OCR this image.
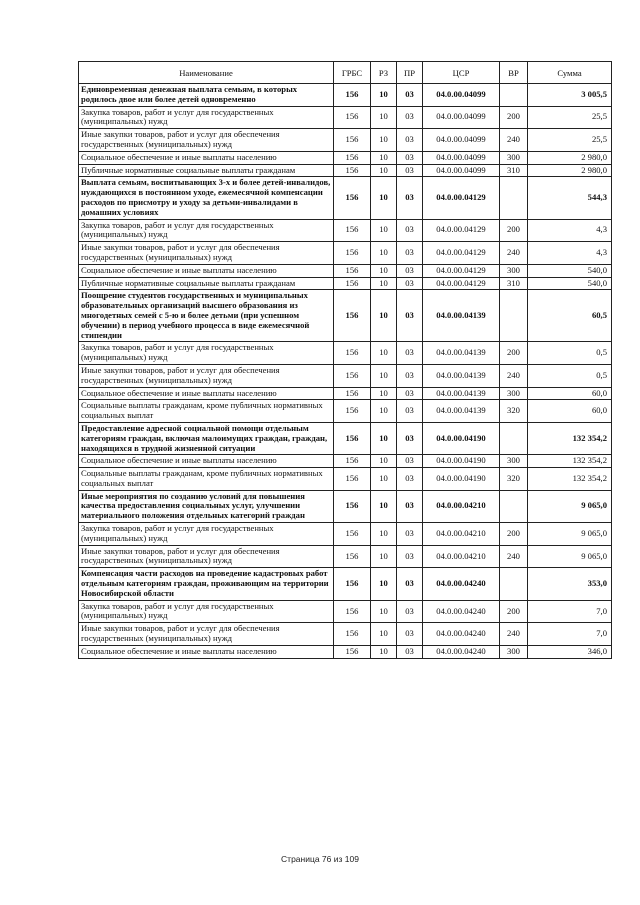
Наименование	ГРБС	РЗ	ПР	ЦСР	ВР	Сумма
Единовременная денежная выплата семьям, в которых родилось двое или более детей одновременно	156	10	03	04.0.00.04099		3 005,5
Закупка товаров, работ и услуг для государственных (муниципальных) нужд	156	10	03	04.0.00.04099	200	25,5
Иные закупки товаров, работ и услуг для обеспечения государственных (муниципальных) нужд	156	10	03	04.0.00.04099	240	25,5
Социальное обеспечение и иные выплаты населению	156	10	03	04.0.00.04099	300	2 980,0
Публичные нормативные социальные выплаты гражданам	156	10	03	04.0.00.04099	310	2 980,0
Выплата семьям, воспитывающих 3-х и более детей-инвалидов, нуждающихся в постоянном уходе, ежемесячной компенсации расходов по присмотру и уходу за детьми-инвалидами в домашних условиях	156	10	03	04.0.00.04129		544,3
Закупка товаров, работ и услуг для государственных (муниципальных) нужд	156	10	03	04.0.00.04129	200	4,3
Иные закупки товаров, работ и услуг для обеспечения государственных (муниципальных) нужд	156	10	03	04.0.00.04129	240	4,3
Социальное обеспечение и иные выплаты населению	156	10	03	04.0.00.04129	300	540,0
Публичные нормативные социальные выплаты гражданам	156	10	03	04.0.00.04129	310	540,0
Поощрение студентов государственных и муниципальных образовательных организаций высшего образования из многодетных семей с 5-ю и более детьми (при успешном обучении) в период учебного процесса в виде ежемесячной стипендии	156	10	03	04.0.00.04139		60,5
Закупка товаров, работ и услуг для государственных (муниципальных) нужд	156	10	03	04.0.00.04139	200	0,5
Иные закупки товаров, работ и услуг для обеспечения государственных (муниципальных) нужд	156	10	03	04.0.00.04139	240	0,5
Социальное обеспечение и иные выплаты населению	156	10	03	04.0.00.04139	300	60,0
Социальные выплаты гражданам, кроме публичных нормативных социальных выплат	156	10	03	04.0.00.04139	320	60,0
Предоставление адресной социальной помощи отдельным категориям граждан, включая малоимущих граждан, граждан, находящихся в трудной жизненной ситуации	156	10	03	04.0.00.04190		132 354,2
Социальное обеспечение и иные выплаты населению	156	10	03	04.0.00.04190	300	132 354,2
Социальные выплаты гражданам, кроме публичных нормативных социальных выплат	156	10	03	04.0.00.04190	320	132 354,2
Иные мероприятия по созданию условий для повышения качества предоставления социальных услуг, улучшении материального положения отдельных категорий граждан	156	10	03	04.0.00.04210		9 065,0
Закупка товаров, работ и услуг для государственных (муниципальных) нужд	156	10	03	04.0.00.04210	200	9 065,0
Иные закупки товаров, работ и услуг для обеспечения государственных (муниципальных) нужд	156	10	03	04.0.00.04210	240	9 065,0
Компенсация части расходов на проведение кадастровых работ отдельным категориям граждан, проживающим на территории Новосибирской области	156	10	03	04.0.00.04240		353,0
Закупка товаров, работ и услуг для государственных (муниципальных) нужд	156	10	03	04.0.00.04240	200	7,0
Иные закупки товаров, работ и услуг для обеспечения государственных (муниципальных) нужд	156	10	03	04.0.00.04240	240	7,0
Социальное обеспечение и иные выплаты населению	156	10	03	04.0.00.04240	300	346,0
Страница 76 из 109
